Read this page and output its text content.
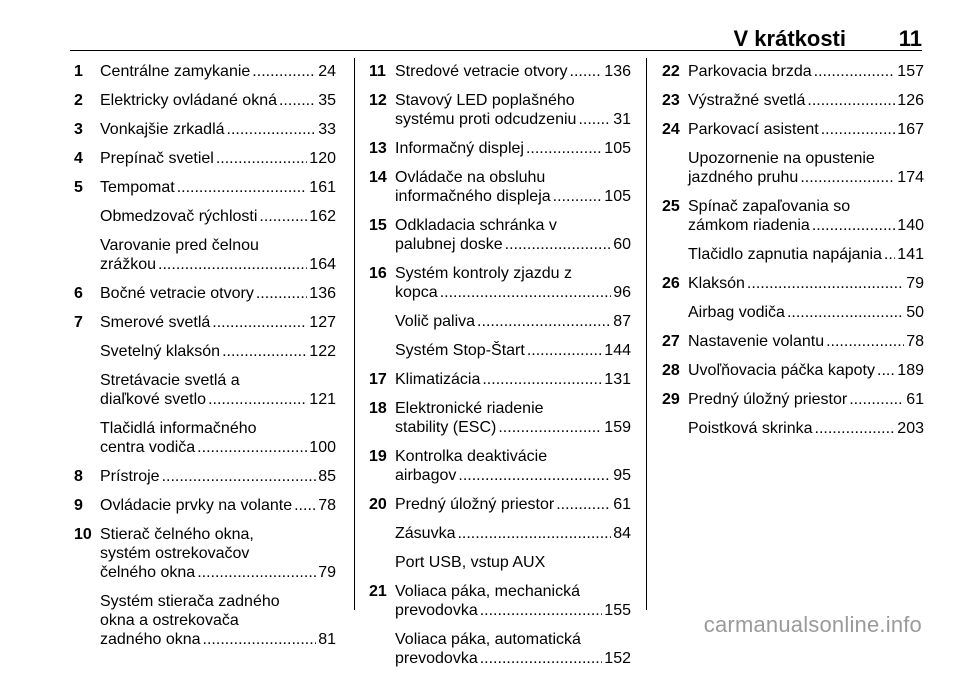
V krátkosti 11
1	Centrálne zamykanie .....	24
2	Elektricky ovládané okná .....	35
3	Vonkajšie zrkadlá .....	33
4	Prepínač svetiel .....	120
5	Tempomat .....	161
Obmedzovač rýchlosti .....	162
Varovanie pred čelnou
zrážkou .....	164
6	Bočné vetracie otvory .....	136
7	Smerové svetlá .....	127
Svetelný klaksón .....	122
Stretávacie svetlá a
diaľkové svetlo .....	121
Tlačidlá informačného
centra vodiča .....	100
8	Prístroje .....	85
9	Ovládacie prvky na volante ..... 78
10 Stierač čelného okna,
systém ostrekovačov
čelného okna .....	79
Systém stierača zadného
okna a ostrekovača
zadného okna .....	81
11 Stredové vetracie otvory ..... 136
12 Stavový LED poplašného
systému proti odcudzeniu ..... 31
13 Informačný displej .....	105
14 Ovládače na obsluhu
informačného displeja .....	105
15 Odkladacia schránka v
palubnej doske .....	60
16 Systém kontroly zjazdu z
kopca .....	96
Volič paliva .....	87
Systém Stop-Štart .....	144
17 Klimatizácia .....	131
18 Elektronické riadenie
stability (ESC) .....	159
19 Kontrolka deaktivácie
airbagov .....	95
20 Predný úložný priestor .....	61
Zásuvka .....	84
Port USB, vstup AUX
21 Voliaca páka, mechanická
prevodovka .....	155
Voliaca páka, automatická
prevodovka .....	152
22 Parkovacia brzda .....	157
23 Výstražné svetlá .....	126
24 Parkovací asistent .....	167
Upozornenie na opustenie
jazdného pruhu .....	174
25 Spínač zapaľovania so
zámkom riadenia .....	140
Tlačidlo zapnutia napájania ..... 141
26 Klaksón .....	79
Airbag vodiča .....	50
27 Nastavenie volantu .....	78
28 Uvoľňovacia páčka kapoty ..... 189
29 Predný úložný priestor .....	61
Poistková skrinka .....	203
carmanualsonline.info
